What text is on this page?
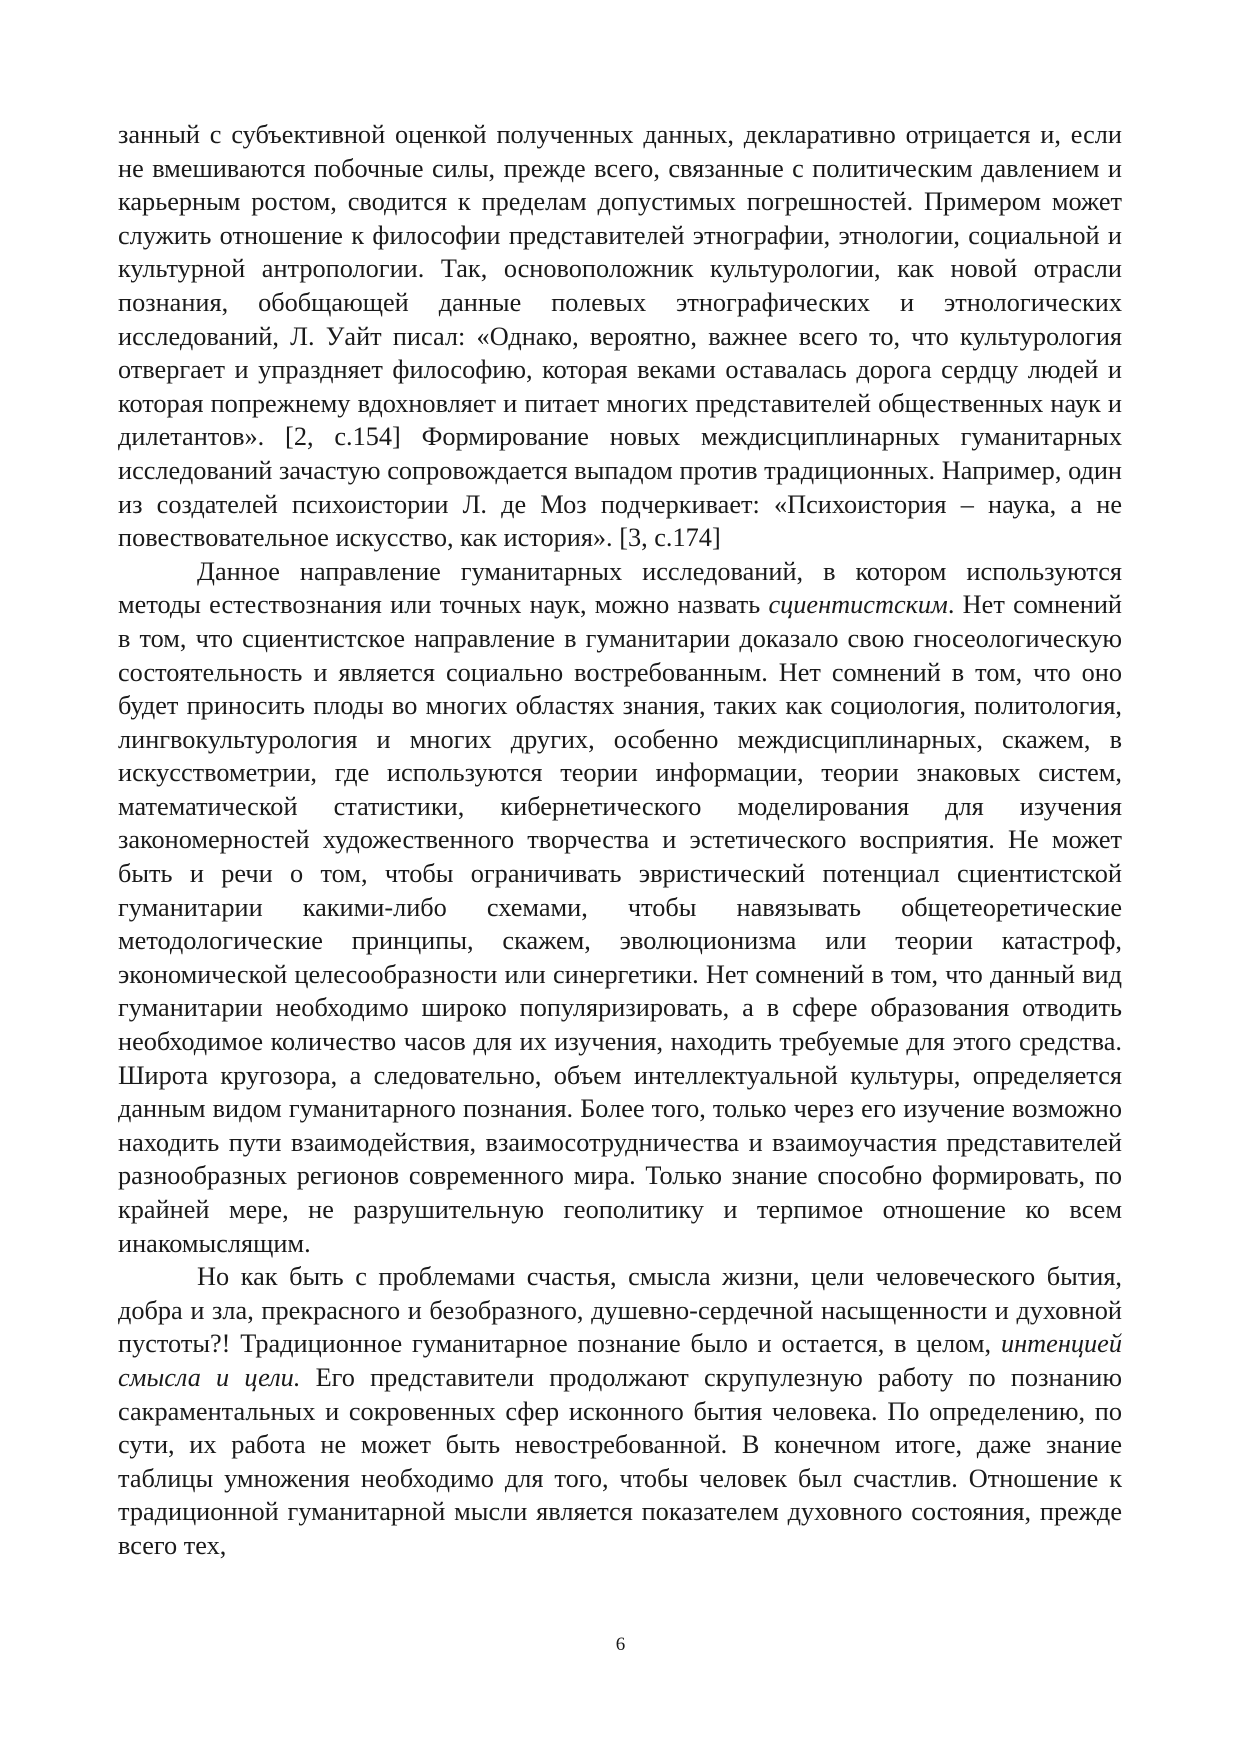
занный с субъективной оценкой полученных данных, декларативно отрицается и, если не вмешиваются побочные силы, прежде всего, связанные с политическим давлением и карьерным ростом, сводится к пределам допустимых погрешностей. Примером может служить отношение к философии представителей этнографии, этнологии, социальной и культурной антропологии. Так, основоположник культурологии, как новой отрасли познания, обобщающей данные полевых этнографических и этнологических исследований, Л. Уайт писал: «Однако, вероятно, важнее всего то, что культурология отвергает и упраздняет философию, которая веками оставалась дорога сердцу людей и которая попрежнему вдохновляет и питает многих представителей общественных наук и дилетантов». [2, с.154] Формирование новых междисциплинарных гуманитарных исследований зачастую сопровождается выпадом против традиционных. Например, один из создателей психоистории Л. де Моз подчеркивает: «Психоистория – наука, а не повествовательное искусство, как история». [3, с.174]

Данное направление гуманитарных исследований, в котором используются методы естествознания или точных наук, можно назвать сциентистским. Нет сомнений в том, что сциентистское направление в гуманитарии доказало свою гносеологическую состоятельность и является социально востребованным. Нет сомнений в том, что оно будет приносить плоды во многих областях знания, таких как социология, политология, лингвокультурология и многих других, особенно междисциплинарных, скажем, в искусствометрии, где используются теории информации, теории знаковых систем, математической статистики, кибернетического моделирования для изучения закономерностей художественного творчества и эстетического восприятия. Не может быть и речи о том, чтобы ограничивать эвристический потенциал сциентистской гуманитарии какими-либо схемами, чтобы навязывать общетеоретические методологические принципы, скажем, эволюционизма или теории катастроф, экономической целесообразности или синергетики. Нет сомнений в том, что данный вид гуманитарии необходимо широко популяризировать, а в сфере образования отводить необходимое количество часов для их изучения, находить требуемые для этого средства. Широта кругозора, а следовательно, объем интеллектуальной культуры, определяется данным видом гуманитарного познания. Более того, только через его изучение возможно находить пути взаимодействия, взаимосотрудничества и взаимоучастия представителей разнообразных регионов современного мира. Только знание способно формировать, по крайней мере, не разрушительную геополитику и терпимое отношение ко всем инакомыслящим.

Но как быть с проблемами счастья, смысла жизни, цели человеческого бытия, добра и зла, прекрасного и безобразного, душевно-сердечной насыщенности и духовной пустоты?! Традиционное гуманитарное познание было и остается, в целом, интенцией смысла и цели. Его представители продолжают скрупулезную работу по познанию сакраментальных и сокровенных сфер исконного бытия человека. По определению, по сути, их работа не может быть невостребованной. В конечном итоге, даже знание таблицы умножения необходимо для того, чтобы человек был счастлив. Отношение к традиционной гуманитарной мысли является показателем духовного состояния, прежде всего тех,

6
